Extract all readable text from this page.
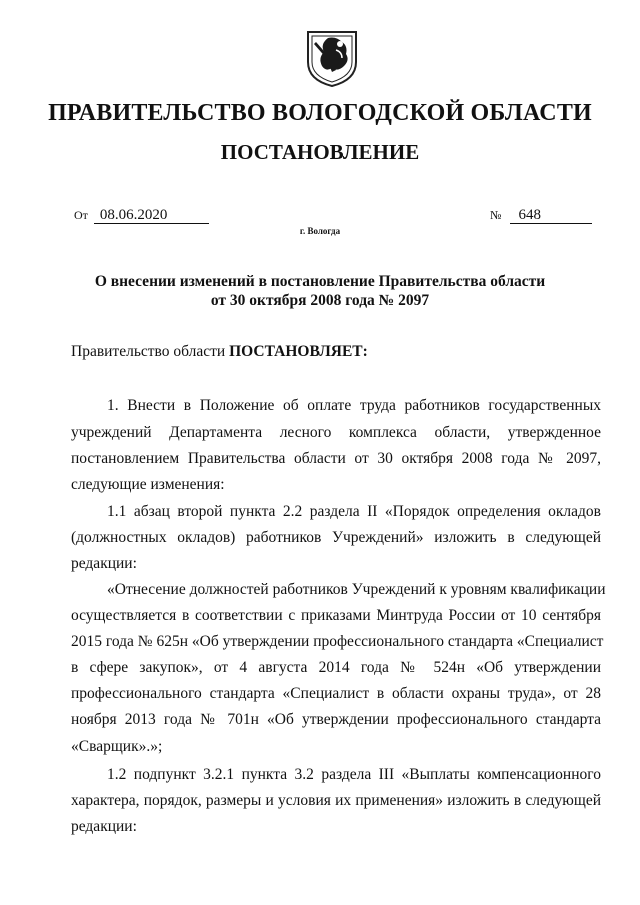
ПРАВИТЕЛЬСТВО ВОЛОГОДСКОЙ ОБЛАСТИ
ПОСТАНОВЛЕНИЕ
От 08.06.2020	№ 648
г. Вологда
О внесении изменений в постановление Правительства области
от 30 октября 2008 года № 2097
Правительство области ПОСТАНОВЛЯЕТ:
1. Внести в Положение об оплате труда работников государственных
учреждений Департамента лесного комплекса области, утвержденное
постановлением Правительства области от 30 октября 2008 года № 2097,
следующие изменения:
1.1 абзац второй пункта 2.2 раздела II «Порядок определения окладов
(должностных окладов) работников Учреждений» изложить в следующей
редакции:
«Отнесение должностей работников Учреждений к уровням квалификации
осуществляется в соответствии с приказами Минтруда России от 10 сентября
2015 года № 625н «Об утверждении профессионального стандарта «Специалист
в сфере закупок», от 4 августа 2014 года № 524н «Об утверждении
профессионального стандарта «Специалист в области охраны труда», от 28
ноября 2013 года № 701н «Об утверждении профессионального стандарта
«Сварщик».»;
1.2 подпункт 3.2.1 пункта 3.2 раздела III «Выплаты компенсационного
характера, порядок, размеры и условия их применения» изложить в следующей
редакции:
